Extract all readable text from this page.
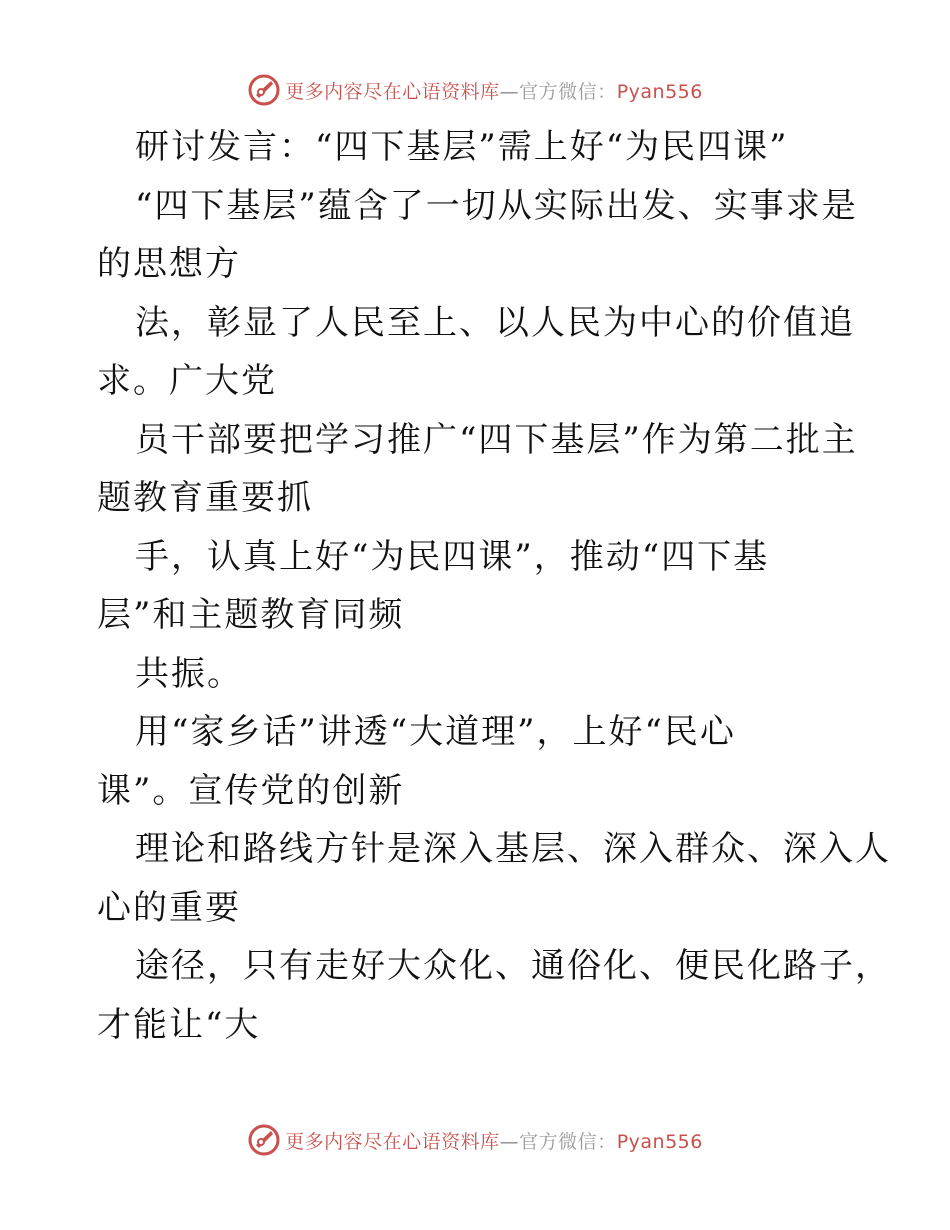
更多内容尽在心语资料库—官方微信：Pyan556
研讨发言：“四下基层”需上好“为民四课”
“四下基层”蕴含了一切从实际出发、实事求是
的思想方
法，彰显了人民至上、以人民为中心的价值追
求。广大党
员干部要把学习推广“四下基层”作为第二批主
题教育重要抓
手，认真上好“为民四课”，推动“四下基
层”和主题教育同频
共振。
用“家乡话”讲透“大道理”，上好“民心
课”。宣传党的创新
理论和路线方针是深入基层、深入群众、深入人
心的重要
途径，只有走好大众化、通俗化、便民化路子，
才能让“大
更多内容尽在心语资料库—官方微信：Pyan556
